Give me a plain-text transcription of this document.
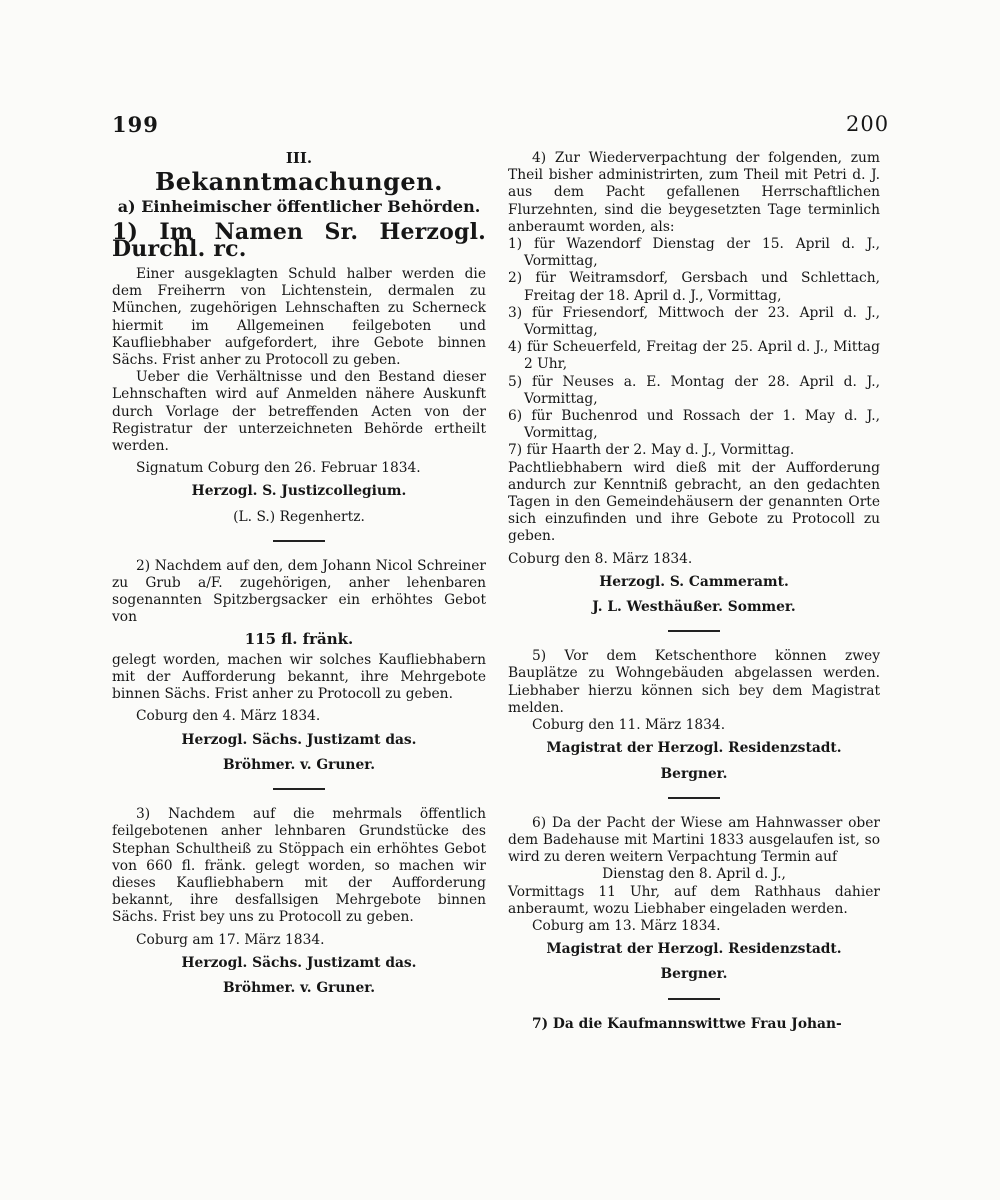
199	200

III.

Bekanntmachungen.

a) Einheimischer öffentlicher Behörden.

1) Im Namen Sr. Herzogl. Durchl. rc.

Einer ausgeklagten Schuld halber werden die dem Freiherrn von Lichtenstein, dermalen zu München, zugehörigen Lehnschaften zu Scherneck hiermit im Allgemeinen feilgeboten und Kaufliebhaber aufgefordert, ihre Gebote binnen Sächs. Frist anher zu Protocoll zu geben.

Ueber die Verhältnisse und den Bestand dieser Lehnschaften wird auf Anmelden nähere Auskunft durch Vorlage der betreffenden Acten von der Registratur der unterzeichneten Behörde ertheilt werden.

Signatum Coburg den 26. Februar 1834.

Herzogl. S. Justizcollegium.

(L. S.) Regenhertz.

2) Nachdem auf den, dem Johann Nicol Schreiner zu Grub a/F. zugehörigen, anher lehenbaren sogenannten Spitzbergsacker ein erhöhtes Gebot von

115 fl. fränk.

gelegt worden, machen wir solches Kaufliebhabern mit der Aufforderung bekannt, ihre Mehrgebote binnen Sächs. Frist anher zu Protocoll zu geben.

Coburg den 4. März 1834.

Herzogl. Sächs. Justizamt das.

Bröhmer. v. Gruner.

3) Nachdem auf die mehrmals öffentlich feilgebotenen anher lehnbaren Grundstücke des Stephan Schultheiß zu Stöppach ein erhöhtes Gebot von 660 fl. fränk. gelegt worden, so machen wir dieses Kaufliebhabern mit der Aufforderung bekannt, ihre desfallsigen Mehrgebote binnen Sächs. Frist bey uns zu Protocoll zu geben.

Coburg am 17. März 1834.

Herzogl. Sächs. Justizamt das.

Bröhmer. v. Gruner.

4) Zur Wiederverpachtung der folgenden, zum Theil bisher administrirten, zum Theil mit Petri d. J. aus dem Pacht gefallenen Herrschaftlichen Flurzehnten, sind die beygesetzten Tage terminlich anberaumt worden, als:

1) für Wazendorf Dienstag der 15. April d. J., Vormittag,

2) für Weitramsdorf, Gersbach und Schlettach, Freitag der 18. April d. J., Vormittag,

3) für Friesendorf, Mittwoch der 23. April d. J., Vormittag,

4) für Scheuerfeld, Freitag der 25. April d. J., Mittag 2 Uhr,

5) für Neuses a. E. Montag der 28. April d. J., Vormittag,

6) für Buchenrod und Rossach der 1. May d. J., Vormittag,

7) für Haarth der 2. May d. J., Vormittag.

Pachtliebhabern wird dieß mit der Aufforderung andurch zur Kenntniß gebracht, an den gedachten Tagen in den Gemeindehäusern der genannten Orte sich einzufinden und ihre Gebote zu Protocoll zu geben.

Coburg den 8. März 1834.

Herzogl. S. Cammeramt.

J. L. Westhäußer. Sommer.

5) Vor dem Ketschenthore können zwey Bauplätze zu Wohngebäuden abgelassen werden. Liebhaber hierzu können sich bey dem Magistrat melden.

Coburg den 11. März 1834.

Magistrat der Herzogl. Residenzstadt.

Bergner.

6) Da der Pacht der Wiese am Hahnwasser ober dem Badehause mit Martini 1833 ausgelaufen ist, so wird zu deren weitern Verpachtung Termin auf

Dienstag den 8. April d. J.,

Vormittags 11 Uhr, auf dem Rathhaus dahier anberaumt, wozu Liebhaber eingeladen werden.

Coburg am 13. März 1834.

Magistrat der Herzogl. Residenzstadt.

Bergner.

7) Da die Kaufmannswittwe Frau Johan-
